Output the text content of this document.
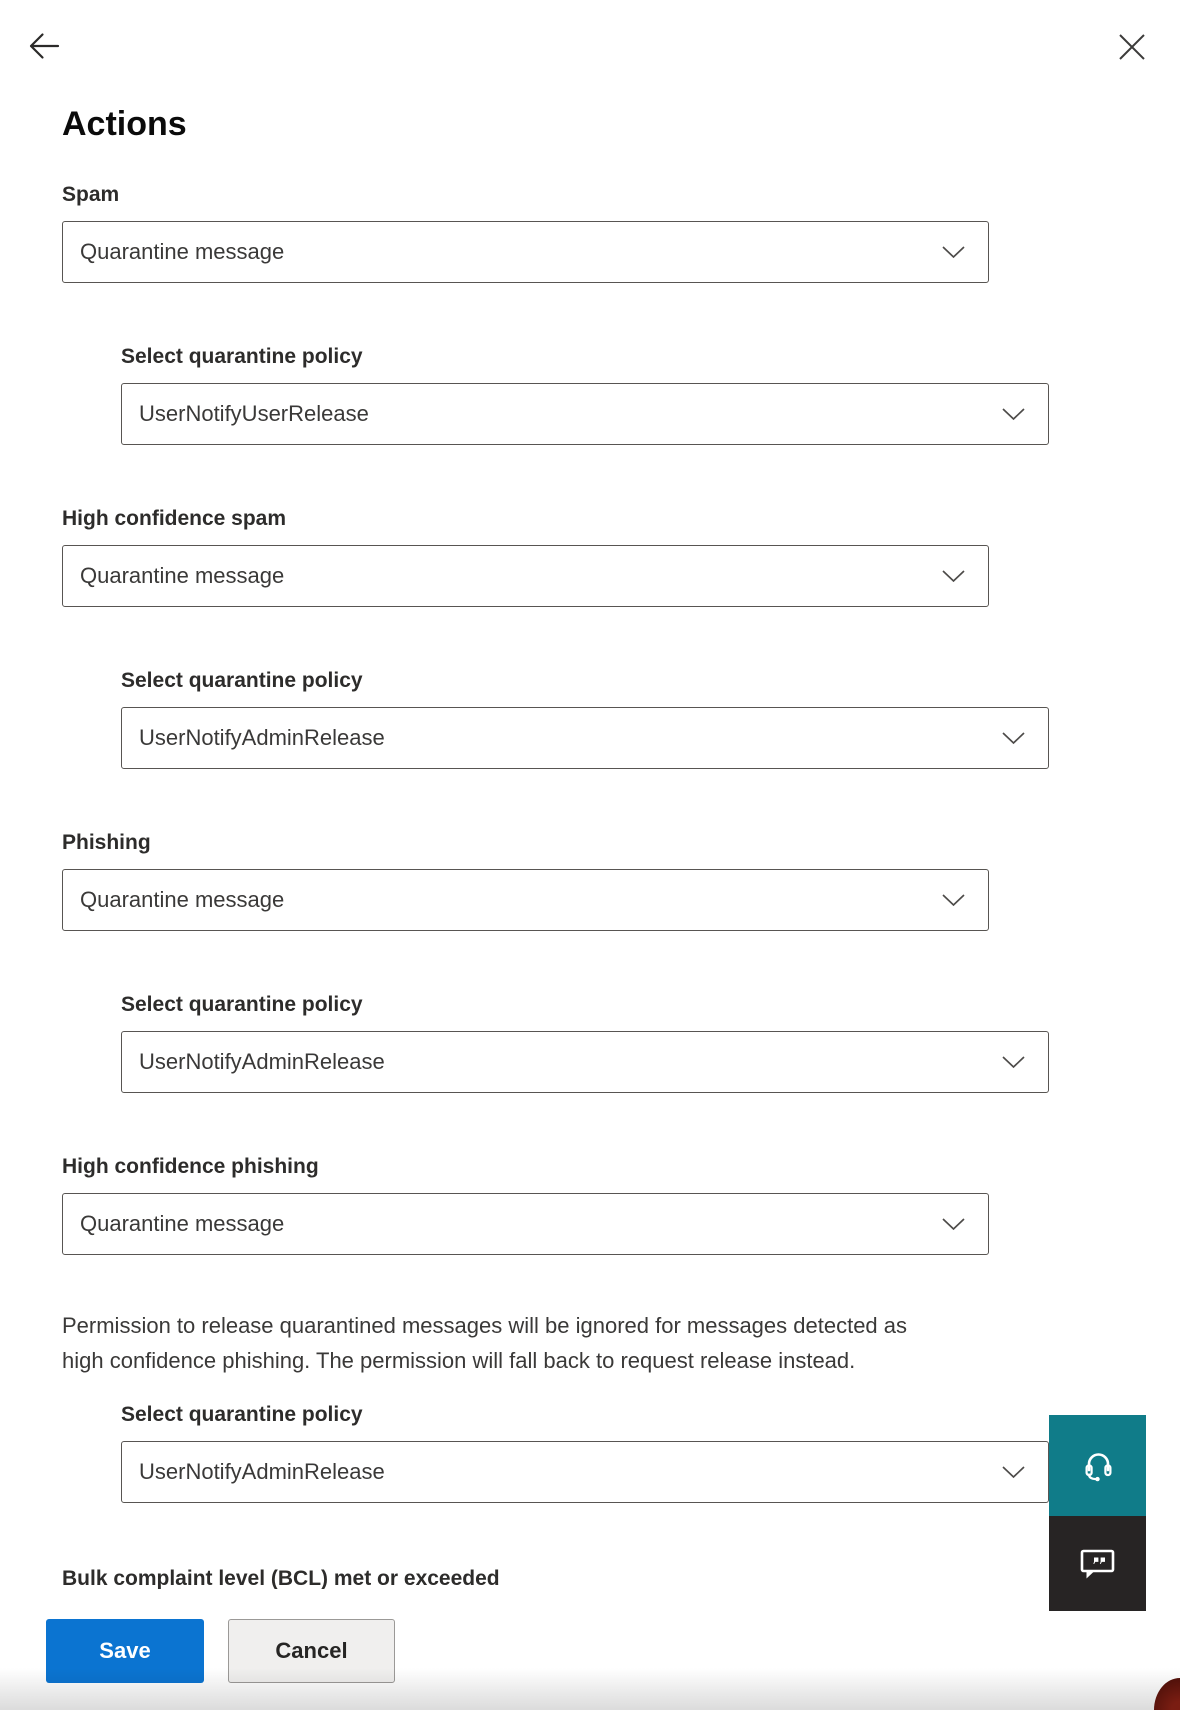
Actions
Spam
Quarantine message
Select quarantine policy
UserNotifyUserRelease
High confidence spam
Quarantine message
Select quarantine policy
UserNotifyAdminRelease
Phishing
Quarantine message
Select quarantine policy
UserNotifyAdminRelease
High confidence phishing
Quarantine message

Permission to release quarantined messages will be ignored for messages detected as
high confidence phishing. The permission will fall back to request release instead.

Select quarantine policy
UserNotifyAdminRelease
Bulk complaint level (BCL) met or exceeded
Save	Cancel
